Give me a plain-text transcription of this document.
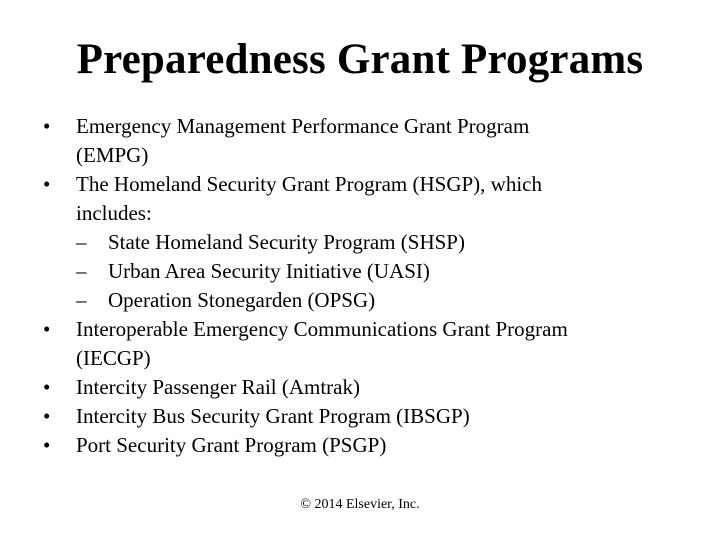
Preparedness Grant Programs
•	Emergency Management Performance Grant Program
(EMPG)
•	The Homeland Security Grant Program (HSGP), which
includes:
– State Homeland Security Program (SHSP)
– Urban Area Security Initiative (UASI)
– Operation Stonegarden (OPSG)
•	Interoperable Emergency Communications Grant Program
(IECGP)
•	Intercity Passenger Rail (Amtrak)
•	Intercity Bus Security Grant Program (IBSGP)
•	Port Security Grant Program (PSGP)
© 2014 Elsevier, Inc.
